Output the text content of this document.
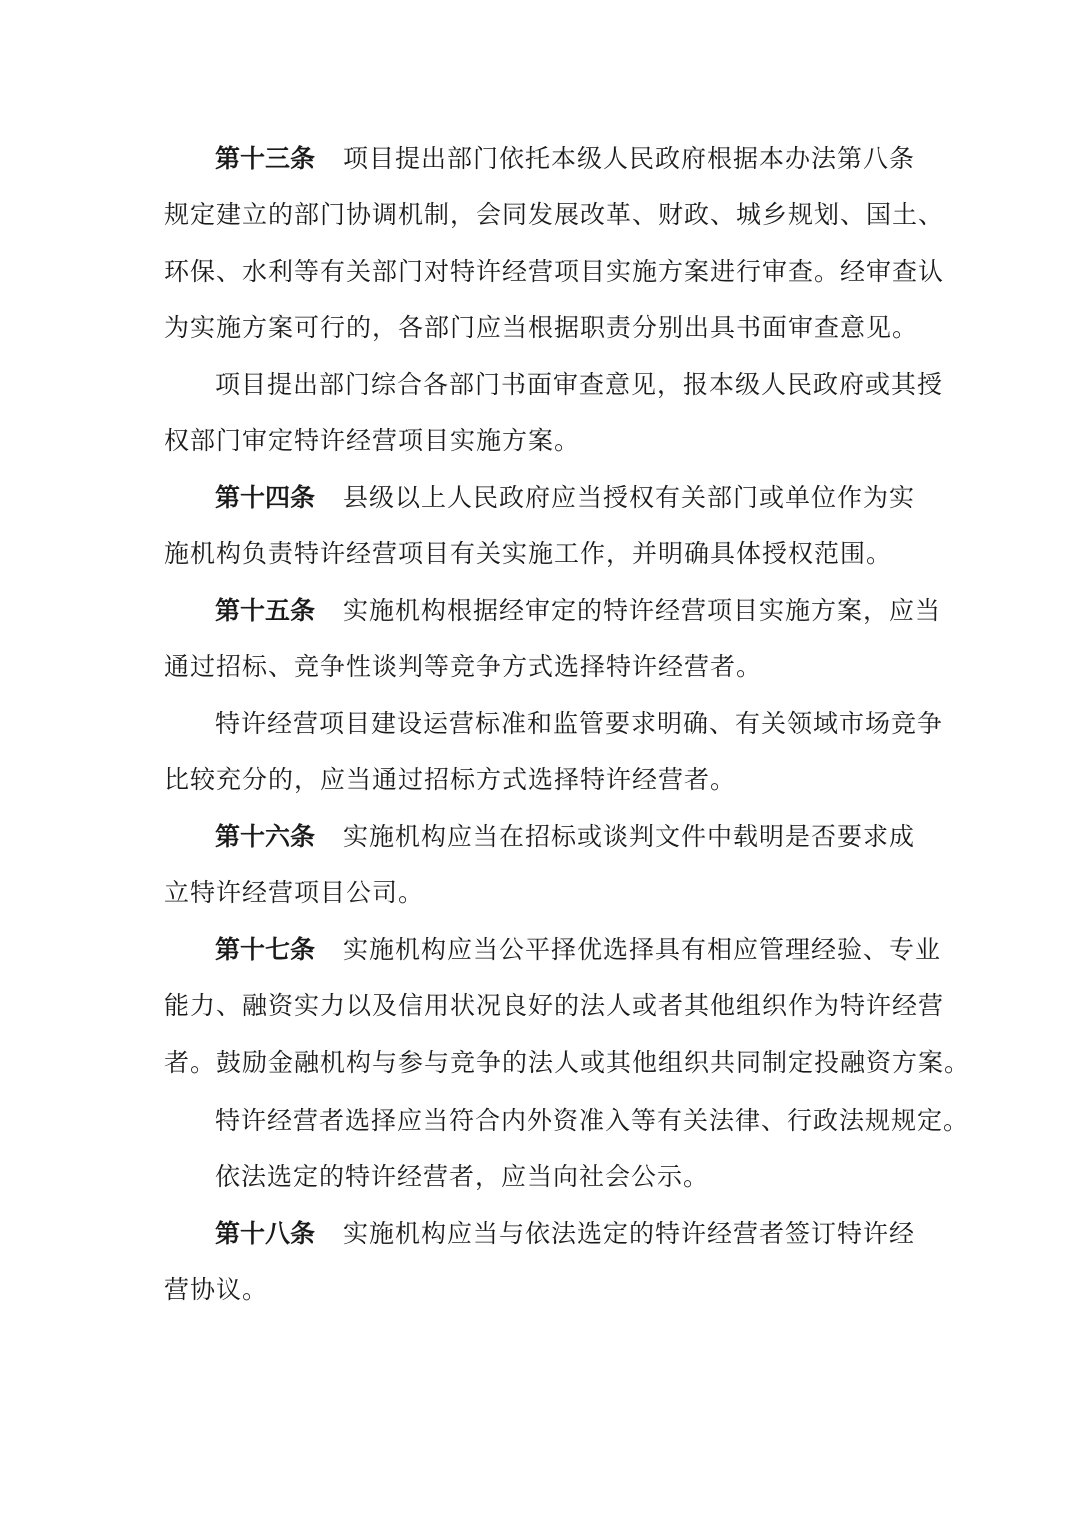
第十三条 项目提出部门依托本级人民政府根据本办法第八条
规定建立的部门协调机制，会同发展改革、财政、城乡规划、国土、
环保、水利等有关部门对特许经营项目实施方案进行审查。经审查认
为实施方案可行的，各部门应当根据职责分别出具书面审查意见。
项目提出部门综合各部门书面审查意见，报本级人民政府或其授
权部门审定特许经营项目实施方案。
第十四条 县级以上人民政府应当授权有关部门或单位作为实
施机构负责特许经营项目有关实施工作，并明确具体授权范围。
第十五条 实施机构根据经审定的特许经营项目实施方案，应当
通过招标、竞争性谈判等竞争方式选择特许经营者。
特许经营项目建设运营标准和监管要求明确、有关领域市场竞争
比较充分的，应当通过招标方式选择特许经营者。
第十六条 实施机构应当在招标或谈判文件中载明是否要求成
立特许经营项目公司。
第十七条 实施机构应当公平择优选择具有相应管理经验、专业
能力、融资实力以及信用状况良好的法人或者其他组织作为特许经营
者。鼓励金融机构与参与竞争的法人或其他组织共同制定投融资方案。
特许经营者选择应当符合内外资准入等有关法律、行政法规规定。
依法选定的特许经营者，应当向社会公示。
第十八条 实施机构应当与依法选定的特许经营者签订特许经
营协议。
